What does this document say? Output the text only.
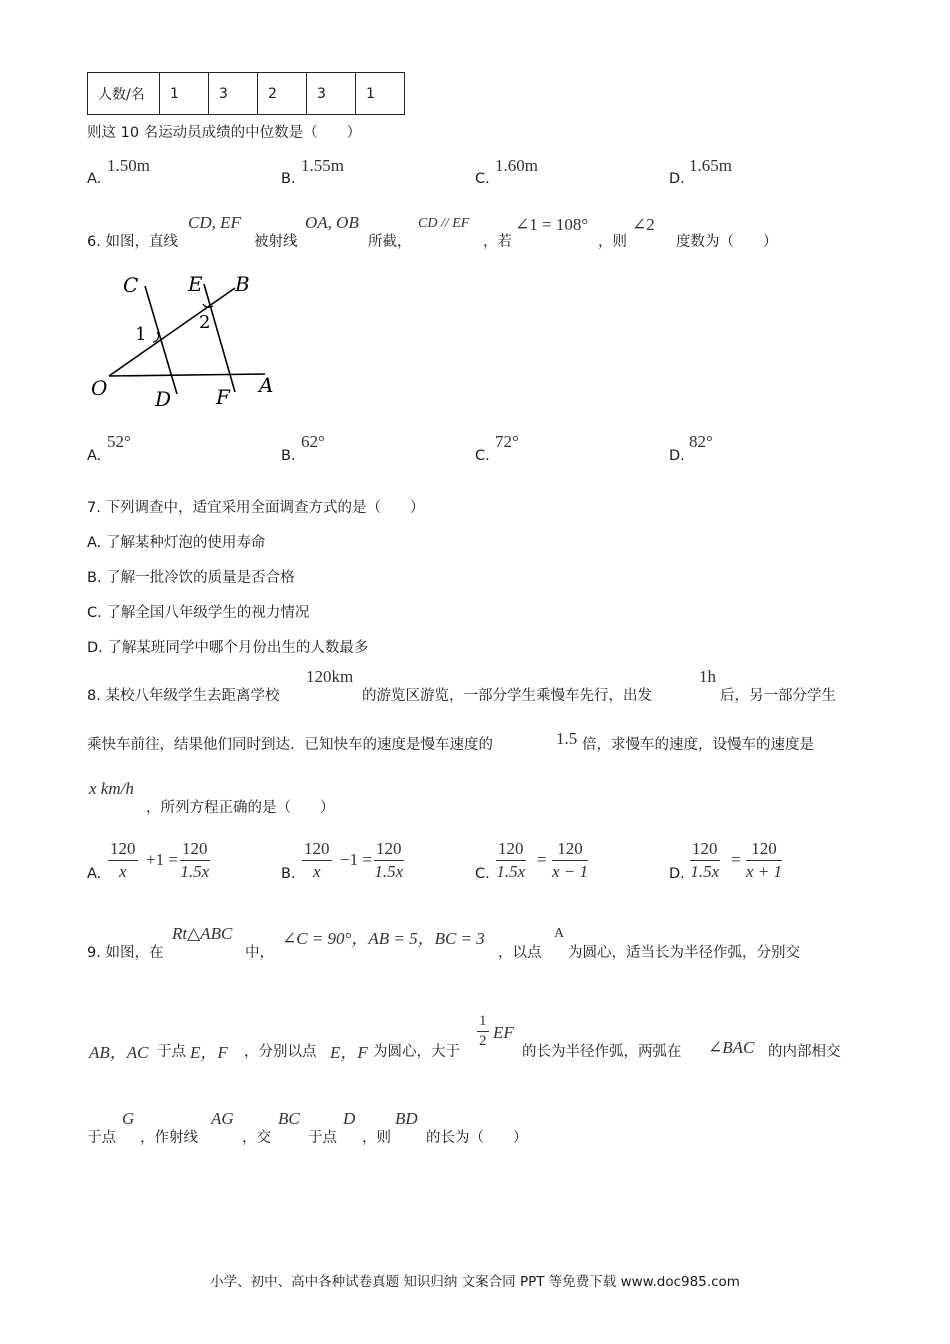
人数/名	1	3	2	3	1
则这 10 名运动员成绩的中位数是（　　）
A.
1.50m
B.
1.55m
C.
1.60m
D.
1.65m
6. 如图，直线
CD, EF
被射线
OA, OB
所截，
CD // EF
，若
∠1 = 108°
，则
∠2
度数为（　　）
C E B
O D F A
1
2
A.
52°
B.
62°
C.
72°
D.
82°
7. 下列调查中，适宜采用全面调查方式的是（　　）
A. 了解某种灯泡的使用寿命
B. 了解一批冷饮的质量是否合格
C. 了解全国八年级学生的视力情况
D. 了解某班同学中哪个月份出生的人数最多
8. 某校八年级学生去距离学校
120km
的游览区游览，一部分学生乘慢车先行，出发
1h
后，另一部分学生
乘快车前往，结果他们同时到达．已知快车的速度是慢车速度的	1.5 倍，求慢车的速度，设慢车的速度是
x km/h
，所列方程正确的是（　　）
A. $\frac{120}{x} +1 = \frac{120}{1.5x}$	B. $\frac{120}{x} -1 = \frac{120}{1.5x}$	C. $\frac{120}{1.5x} = \frac{120}{x - 1}$	D. $\frac{120}{1.5x} = \frac{120}{x + 1}$
9. 如图，在
Rt△ABC
中，
∠C = 90°，AB = 5，BC = 3
，以点
A
为圆心，适当长为半径作弧，分别交
AB，AC 于点 E，F ，分别以点 E，F 为圆心，大于
$\frac{1}{2}$ EF
的长为半径作弧，两弧在 ∠BAC 的内部相交
于点
G
，作射线
AG
，交
BC
于点
D
，则
BD
的长为（　　）
小学、初中、高中各种试卷真题 知识归纳 文案合同 PPT 等免费下载 www.doc985.com
